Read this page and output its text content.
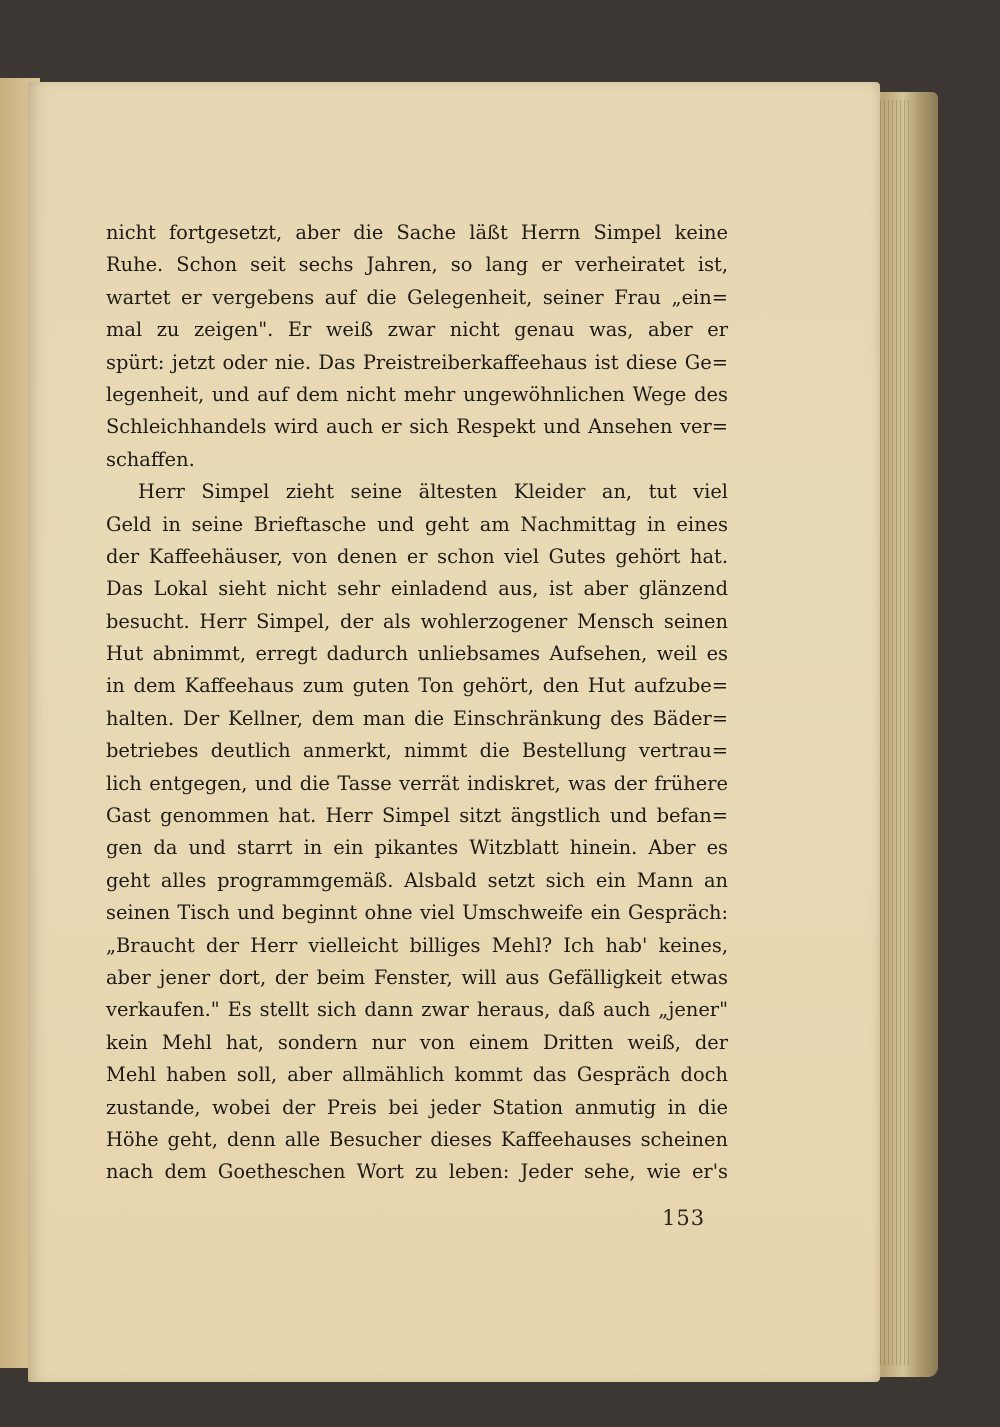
nicht fortgesetzt, aber die Sache läßt Herrn Simpel keine
Ruhe. Schon seit sechs Jahren, so lang er verheiratet ist,
wartet er vergebens auf die Gelegenheit, seiner Frau „ein=
mal zu zeigen". Er weiß zwar nicht genau was, aber er
spürt: jetzt oder nie. Das Preistreiberkaffeehaus ist diese Ge=
legenheit, und auf dem nicht mehr ungewöhnlichen Wege des
Schleichhandels wird auch er sich Respekt und Ansehen ver=
schaffen.
Herr Simpel zieht seine ältesten Kleider an, tut viel
Geld in seine Brieftasche und geht am Nachmittag in eines
der Kaffeehäuser, von denen er schon viel Gutes gehört hat.
Das Lokal sieht nicht sehr einladend aus, ist aber glänzend
besucht. Herr Simpel, der als wohlerzogener Mensch seinen
Hut abnimmt, erregt dadurch unliebsames Aufsehen, weil es
in dem Kaffeehaus zum guten Ton gehört, den Hut aufzube=
halten. Der Kellner, dem man die Einschränkung des Bäder=
betriebes deutlich anmerkt, nimmt die Bestellung vertrau=
lich entgegen, und die Tasse verrät indiskret, was der frühere
Gast genommen hat. Herr Simpel sitzt ängstlich und befan=
gen da und starrt in ein pikantes Witzblatt hinein. Aber es
geht alles programmgemäß. Alsbald setzt sich ein Mann an
seinen Tisch und beginnt ohne viel Umschweife ein Gespräch:
„Braucht der Herr vielleicht billiges Mehl? Ich hab' keines,
aber jener dort, der beim Fenster, will aus Gefälligkeit etwas
verkaufen." Es stellt sich dann zwar heraus, daß auch „jener"
kein Mehl hat, sondern nur von einem Dritten weiß, der
Mehl haben soll, aber allmählich kommt das Gespräch doch
zustande, wobei der Preis bei jeder Station anmutig in die
Höhe geht, denn alle Besucher dieses Kaffeehauses scheinen
nach dem Goetheschen Wort zu leben: Jeder sehe, wie er's
153
